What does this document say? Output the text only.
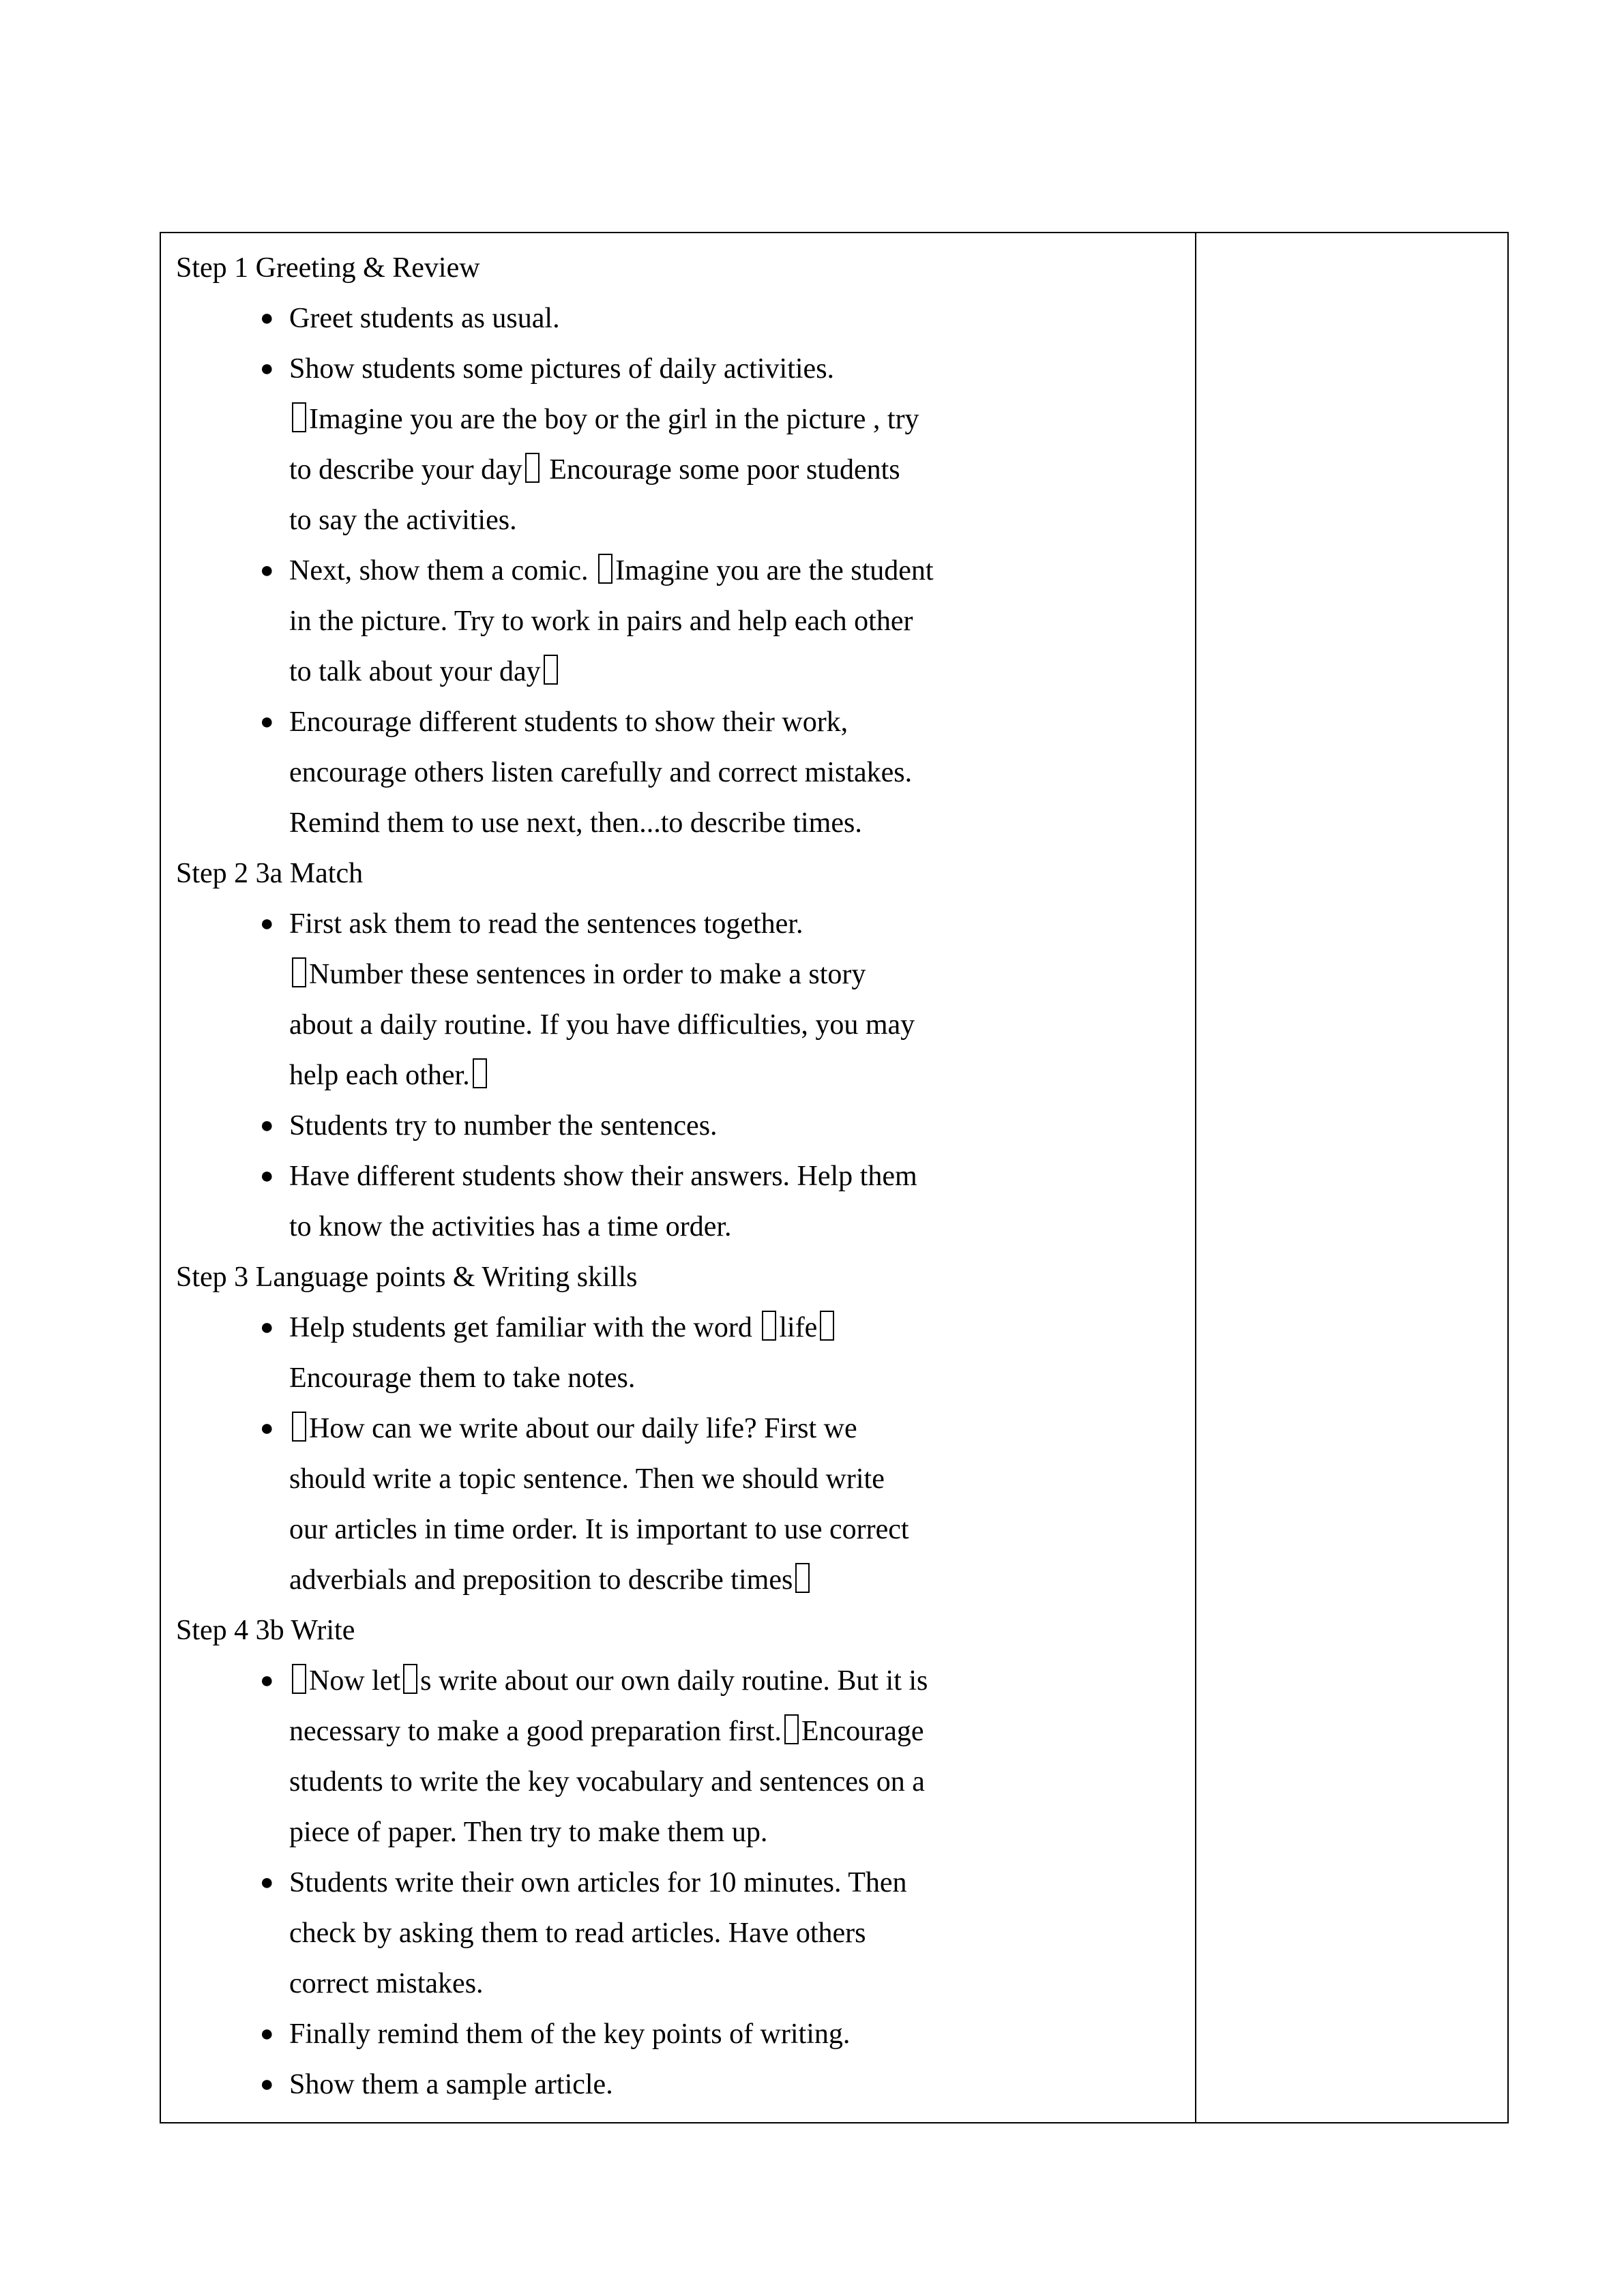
Step 1 Greeting & Review
● Greet students as usual.
● Show students some pictures of daily activities.
Imagine you are the boy or the girl in the picture , try
to describe your day Encourage some poor students
to say the activities.
● Next, show them a comic. Imagine you are the student
in the picture. Try to work in pairs and help each other
to talk about your day
● Encourage different students to show their work,
encourage others listen carefully and correct mistakes.
Remind them to use next, then...to describe times.
Step 2 3a Match
● First ask them to read the sentences together.
Number these sentences in order to make a story
about a daily routine. If you have difficulties, you may
help each other.
● Students try to number the sentences.
● Have different students show their answers. Help them
to know the activities has a time order.
Step 3 Language points & Writing skills
● Help students get familiar with the word life
Encourage them to take notes.
● How can we write about our daily life? First we
should write a topic sentence. Then we should write
our articles in time order. It is important to use correct
adverbials and preposition to describe times
Step 4 3b Write
● Now let s write about our own daily routine. But it is
necessary to make a good preparation first. Encourage
students to write the key vocabulary and sentences on a
piece of paper. Then try to make them up.
● Students write their own articles for 10 minutes. Then
check by asking them to read articles. Have others
correct mistakes.
● Finally remind them of the key points of writing.
● Show them a sample article.
